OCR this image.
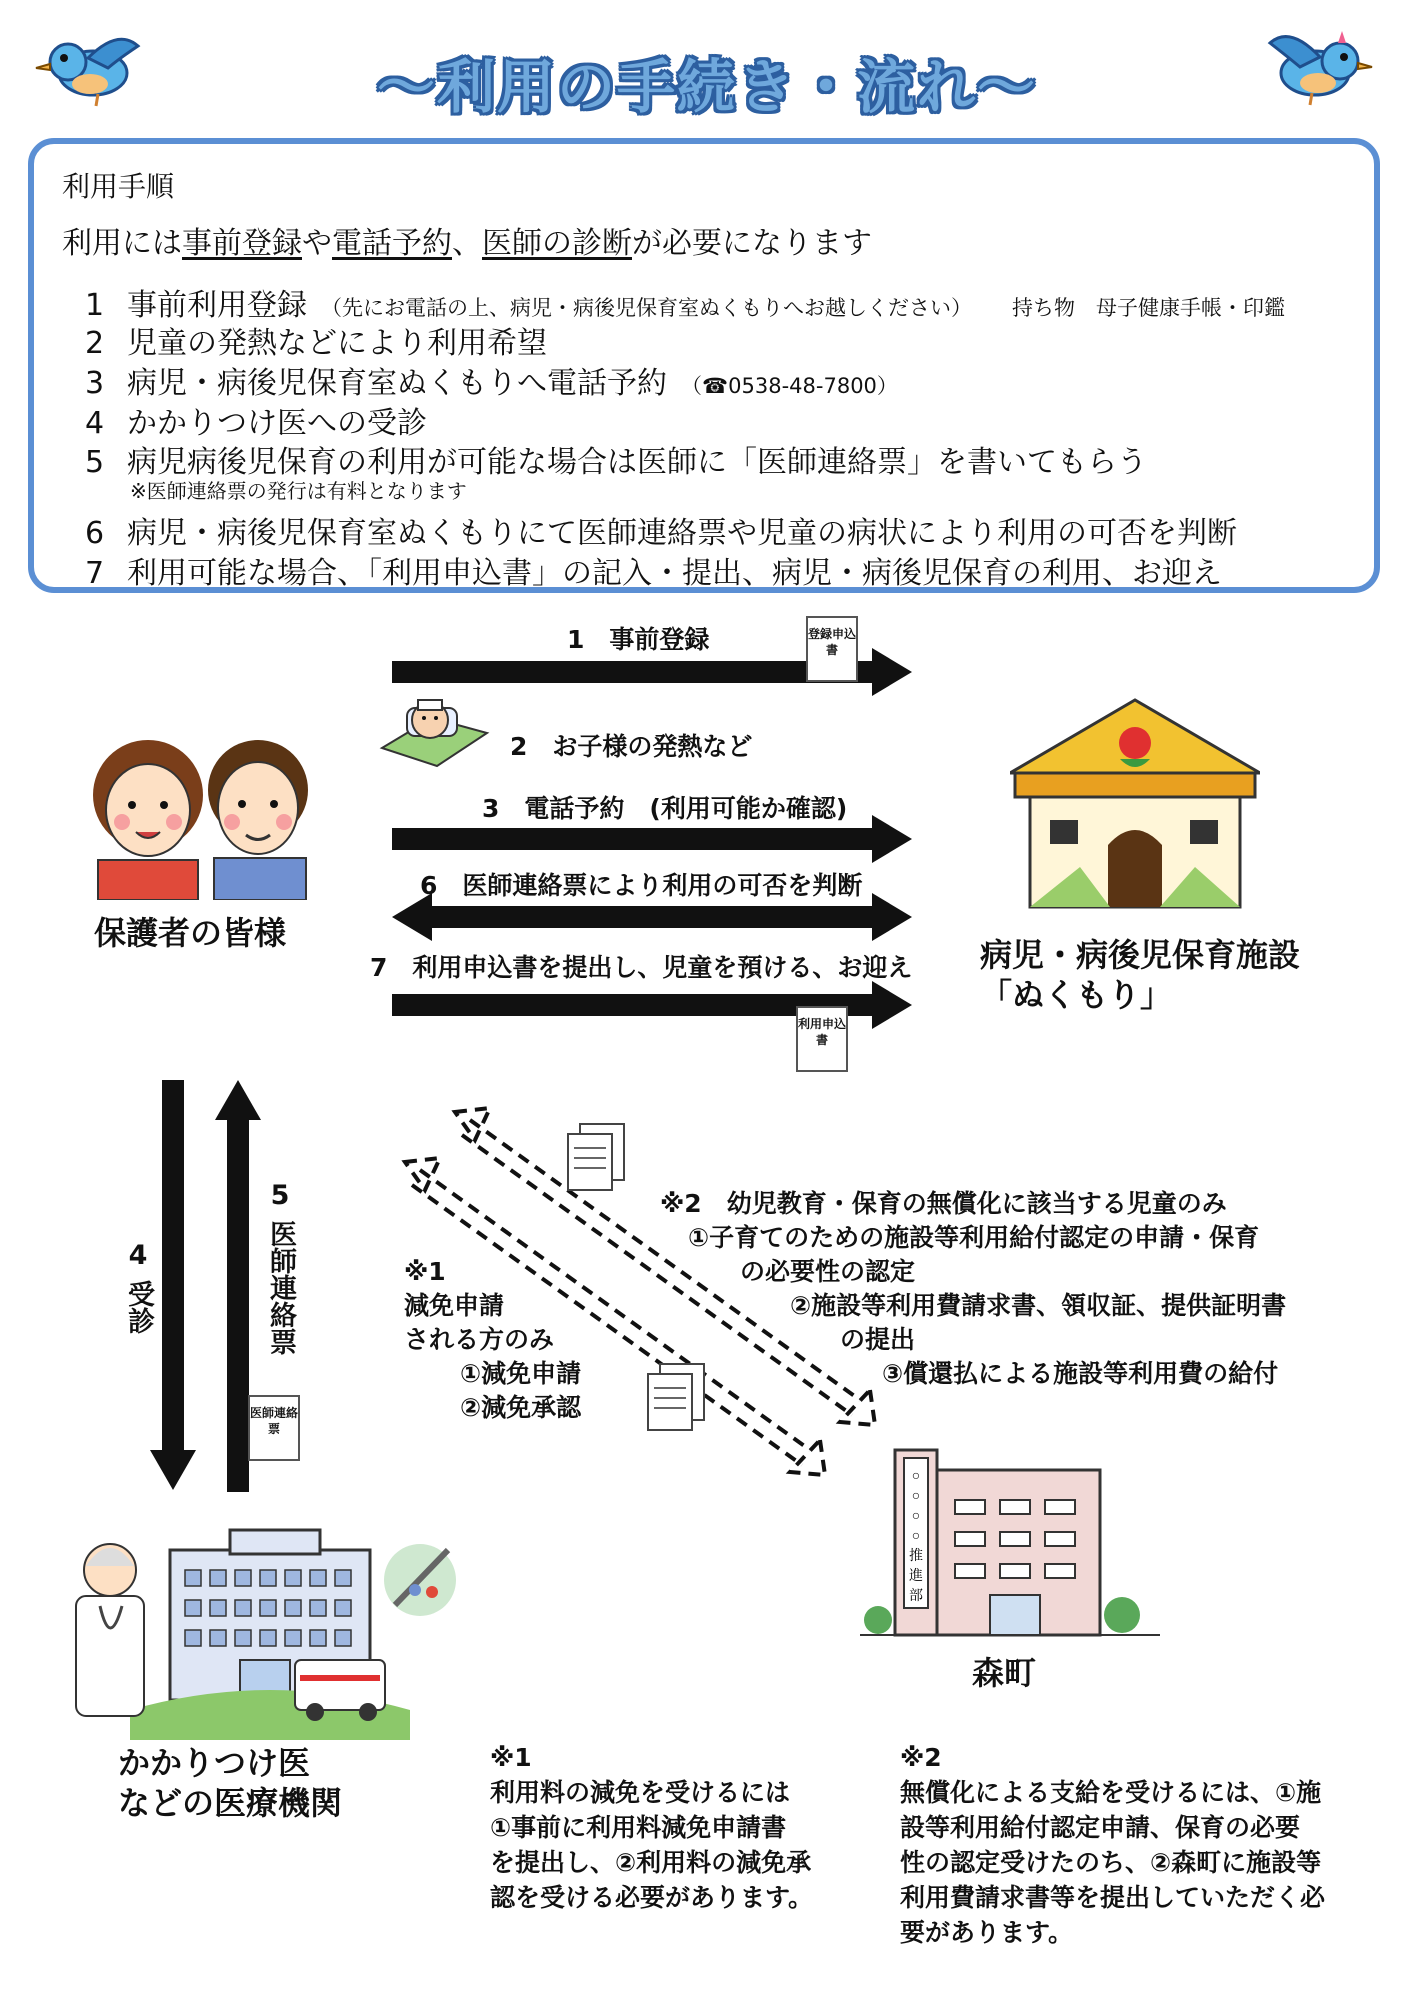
～利用の手続き・流れ～
利用手順
利用には事前登録や電話予約、医師の診断が必要になります
1 事前利用登録 （先にお電話の上、病児・病後児保育室ぬくもりへお越しください） 持ち物　母子健康手帳・印鑑
2 児童の発熱などにより利用希望
3 病児・病後児保育室ぬくもりへ電話予約 （☎0538-48-7800）
4 かかりつけ医への受診
5 病児病後児保育の利用が可能な場合は医師に「医師連絡票」を書いてもらう
※医師連絡票の発行は有料となります
6 病児・病後児保育室ぬくもりにて医師連絡票や児童の病状により利用の可否を判断
7 利用可能な場合、「利用申込書」の記入・提出、病児・病後児保育の利用、お迎え
1　事前登録
2　お子様の発熱など
3　電話予約　(利用可能か確認)
6　医師連絡票により利用の可否を判断
7　利用申込書を提出し、児童を預ける、お迎え
登録申込書
利用申込書
医師連絡票
保護者の皆様
病児・病後児保育施設
「ぬくもり」
4
受診
5
医師連絡票	※1
減免申請
される方のみ
①減免申請
②減免承認
※2　幼児教育・保育の無償化に該当する児童のみ
①子育てのための施設等利用給付認定の申請・保育
の必要性の認定
②施設等利用費請求書、領収証、提供証明書
の提出
③償還払による施設等利用費の給付
かかりつけ医
などの医療機関
○ ○ ○ ○推進部
森町
※1
利用料の減免を受けるには
①事前に利用料減免申請書
を提出し、②利用料の減免承
認を受ける必要があります。
※2
無償化による支給を受けるには、①施
設等利用給付認定申請、保育の必要
性の認定受けたのち、②森町に施設等
利用費請求書等を提出していただく必
要があります。
